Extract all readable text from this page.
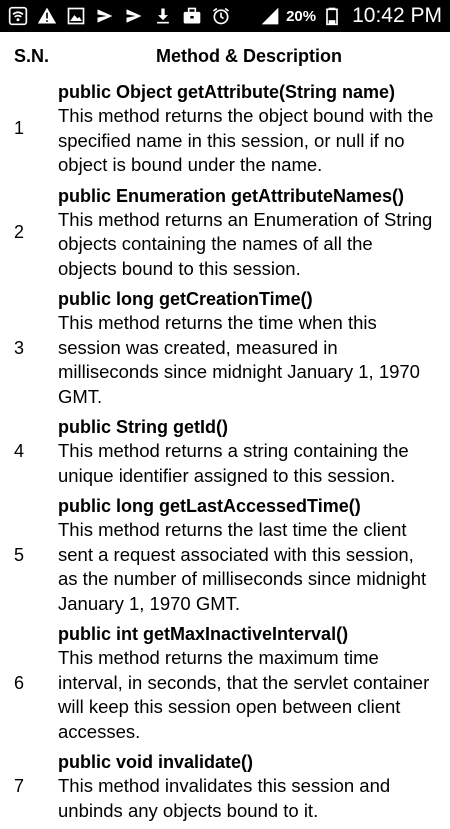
20% 10:42 PM
S.N.	Method & Description
1
public Object getAttribute(String name)
This method returns the object bound with the specified name in this session, or null if no object is bound under the name.
2
public Enumeration getAttributeNames()
This method returns an Enumeration of String objects containing the names of all the objects bound to this session.
3
public long getCreationTime()
This method returns the time when this session was created, measured in milliseconds since midnight January 1, 1970 GMT.
4
public String getId()
This method returns a string containing the unique identifier assigned to this session.
5
public long getLastAccessedTime()
This method returns the last time the client sent a request associated with this session, as the number of milliseconds since midnight January 1, 1970 GMT.
6
public int getMaxInactiveInterval()
This method returns the maximum time interval, in seconds, that the servlet container will keep this session open between client accesses.
7
public void invalidate()
This method invalidates this session and unbinds any objects bound to it.
